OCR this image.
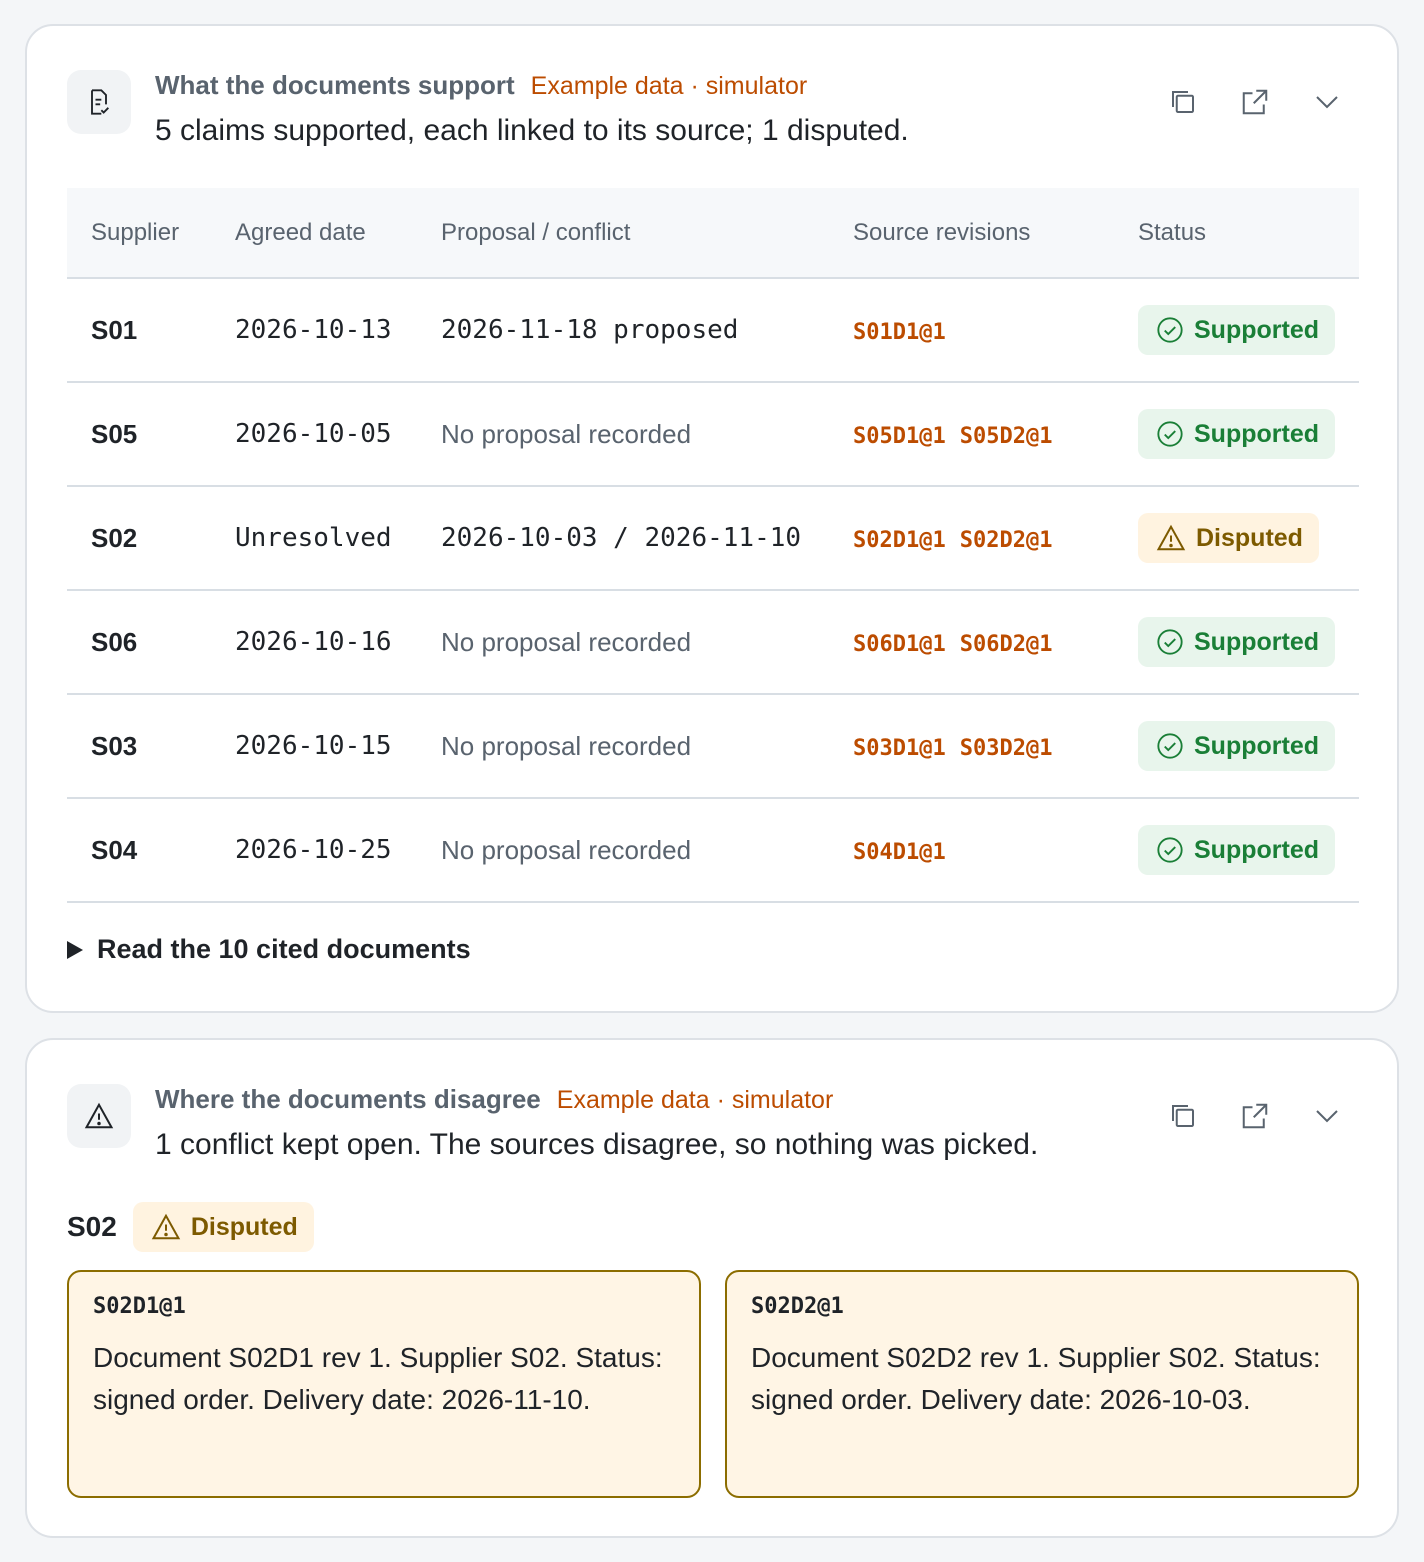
What the documents support Example data · simulator
5 claims supported, each linked to its source; 1 disputed.
Supplier	Agreed date	Proposal / conflict	Source revisions	Status
S01	2026-10-13	2026-11-18 proposed	S01D1@1	Supported

S05	2026-10-05	No proposal recorded	S05D1@1 S05D2@1	Supported

S02	Unresolved	2026-10-03 / 2026-11-10	S02D1@1 S02D2@1	Disputed

S06	2026-10-16	No proposal recorded	S06D1@1 S06D2@1	Supported

S03	2026-10-15	No proposal recorded	S03D1@1 S03D2@1	Supported

S04	2026-10-25	No proposal recorded	S04D1@1	Supported
Read the 10 cited documents
Where the documents disagree Example data · simulator
1 conflict kept open. The sources disagree, so nothing was picked.
S02	Disputed
S02D1@1
Document S02D1 rev 1. Supplier S02. Status: signed order. Delivery date: 2026-11-10.
S02D2@1
Document S02D2 rev 1. Supplier S02. Status: signed order. Delivery date: 2026-10-03.
